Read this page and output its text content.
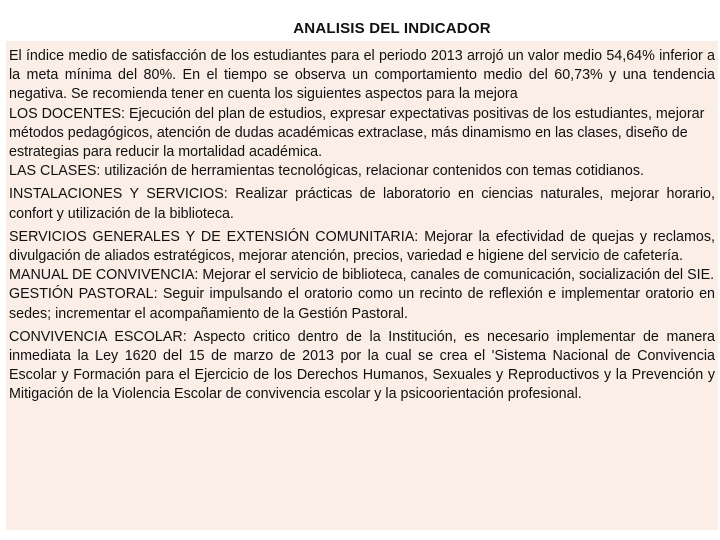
ANALISIS DEL INDICADOR

El índice medio de satisfacción de los estudiantes para el periodo 2013 arrojó un valor medio 54,64% inferior a la meta mínima del 80%. En el tiempo se observa un comportamiento medio del 60,73% y una tendencia negativa. Se recomienda tener en cuenta los siguientes aspectos para la mejora

LOS DOCENTES: Ejecución del plan de estudios, expresar expectativas positivas de los estudiantes, mejorar métodos pedagógicos, atención de dudas académicas extraclase, más dinamismo en las clases, diseño de estrategias para reducir la mortalidad académica.

LAS CLASES: utilización de herramientas tecnológicas, relacionar contenidos con temas cotidianos.

INSTALACIONES Y SERVICIOS: Realizar prácticas de laboratorio en ciencias naturales, mejorar horario, confort y utilización de la biblioteca.

SERVICIOS GENERALES Y DE EXTENSIÓN COMUNITARIA: Mejorar la efectividad de quejas y reclamos, divulgación de aliados estratégicos, mejorar atención, precios, variedad e higiene del servicio de cafetería.

MANUAL DE CONVIVENCIA: Mejorar el servicio de biblioteca, canales de comunicación, socialización del SIE.

GESTIÓN PASTORAL: Seguir impulsando el oratorio como un recinto de reflexión e implementar oratorio en sedes; incrementar el acompañamiento de la Gestión Pastoral.

CONVIVENCIA ESCOLAR: Aspecto critico dentro de la Institución, es necesario implementar de manera inmediata la Ley 1620 del 15 de marzo de 2013 por la cual se crea el 'Sistema Nacional de Convivencia Escolar y Formación para el Ejercicio de los Derechos Humanos, Sexuales y Reproductivos y la Prevención y Mitigación de la Violencia Escolar de convivencia escolar y la psicoorientación profesional.
